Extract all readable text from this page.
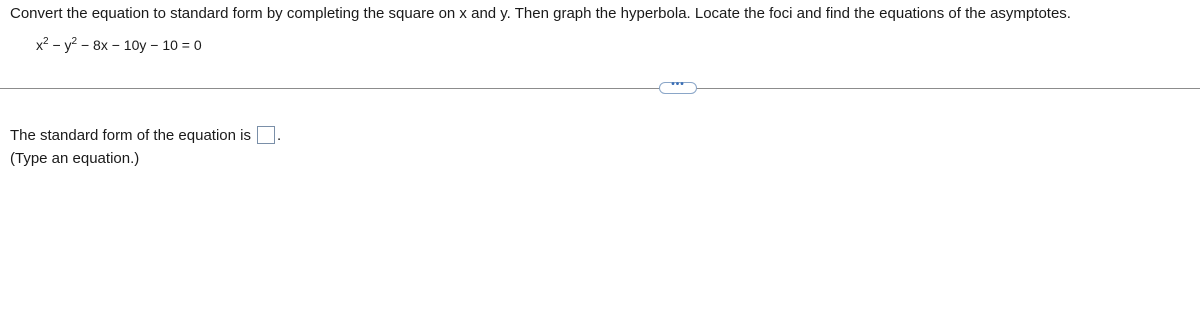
Convert the equation to standard form by completing the square on x and y. Then graph the hyperbola. Locate the foci and find the equations of the asymptotes.
$x^2 - y^2 - 8x - 10y - 10 = 0$
•••
The standard form of the equation is .
(Type an equation.)
